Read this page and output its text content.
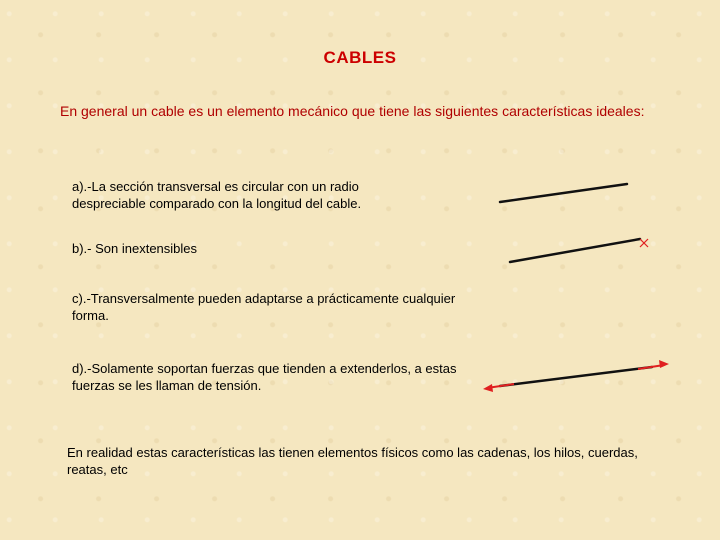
CABLES
En general un cable es un elemento mecánico que tiene las siguientes características ideales:
a).-La sección transversal es circular con un radio despreciable comparado con la longitud del cable.
b).- Son inextensibles
c).-Transversalmente pueden adaptarse a prácticamente cualquier forma.
d).-Solamente soportan fuerzas que tienden a extenderlos, a estas fuerzas se les llaman de tensión.
En realidad estas características las tienen elementos físicos como las cadenas, los hilos, cuerdas, reatas, etc
